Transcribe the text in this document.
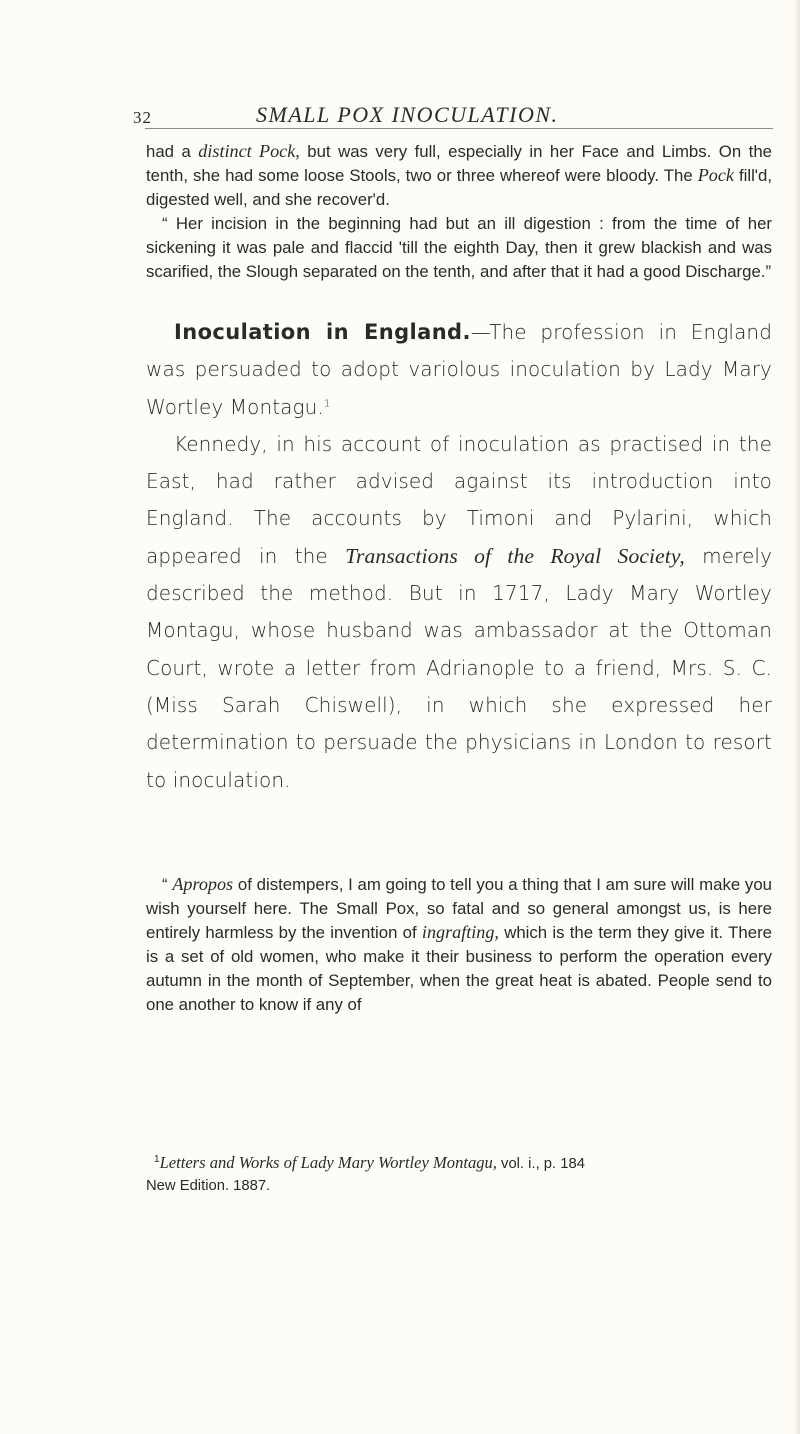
32	SMALL POX INOCULATION.

had a distinct Pock, but was very full, especially in her Face and Limbs. On the tenth, she had some loose Stools, two or three whereof were bloody. The Pock fill'd, digested well, and she recover'd.

“ Her incision in the beginning had but an ill digestion : from the time of her sickening it was pale and flaccid 'till the eighth Day, then it grew blackish and was scarified, the Slough separated on the tenth, and after that it had a good Discharge.”

Inoculation in England.—The profession in England was persuaded to adopt variolous inoculation by Lady Mary Wortley Montagu.$^1$

Kennedy, in his account of inoculation as practised in the East, had rather advised against its introduction into England. The accounts by Timoni and Pylarini, which appeared in the Transactions of the Royal Society, merely described the method. But in 1717, Lady Mary Wortley Montagu, whose husband was ambassador at the Ottoman Court, wrote a letter from Adrianople to a friend, Mrs. S. C. (Miss Sarah Chiswell), in which she expressed her determination to persuade the physicians in London to resort to inoculation.

“ Apropos of distempers, I am going to tell you a thing that I am sure will make you wish yourself here. The Small Pox, so fatal and so general amongst us, is here entirely harmless by the invention of ingrafting, which is the term they give it. There is a set of old women, who make it their business to perform the operation every autumn in the month of September, when the great heat is abated. People send to one another to know if any of

$^1$Letters and Works of Lady Mary Wortley Montagu, vol. i., p. 184
New Edition. 1887.
